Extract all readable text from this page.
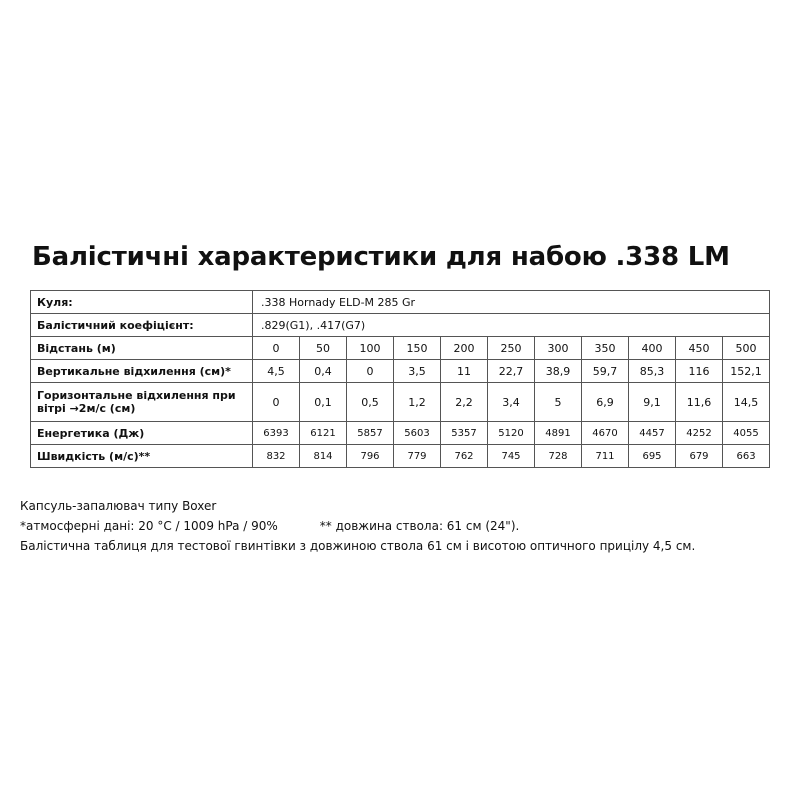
Балістичні характеристики для набою .338 LM
Куля:	.338 Hornady ELD-M 285 Gr										
Балістичний коефіцієнт:	.829(G1), .417(G7)										
Відстань (м)	0	50	100	150	200	250	300	350	400	450	500
Вертикальне відхилення (см)*	4,5	0,4	0	3,5	11	22,7	38,9	59,7	85,3	116	152,1
Горизонтальне відхилення при вітрі →2м/с (см)	0	0,1	0,5	1,2	2,2	3,4	5	6,9	9,1	11,6	14,5
Енергетика (Дж)	6393	6121	5857	5603	5357	5120	4891	4670	4457	4252	4055
Швидкість (м/с)**	832	814	796	779	762	745	728	711	695	679	663
Капсуль-запалювач типу Boxer
*атмосферні дані: 20 °C / 1009 hPa / 90%	** довжина ствола: 61 см (24").
Балістична таблиця для тестової гвинтівки з довжиною ствола 61 см і висотою оптичного прицілу 4,5 см.
